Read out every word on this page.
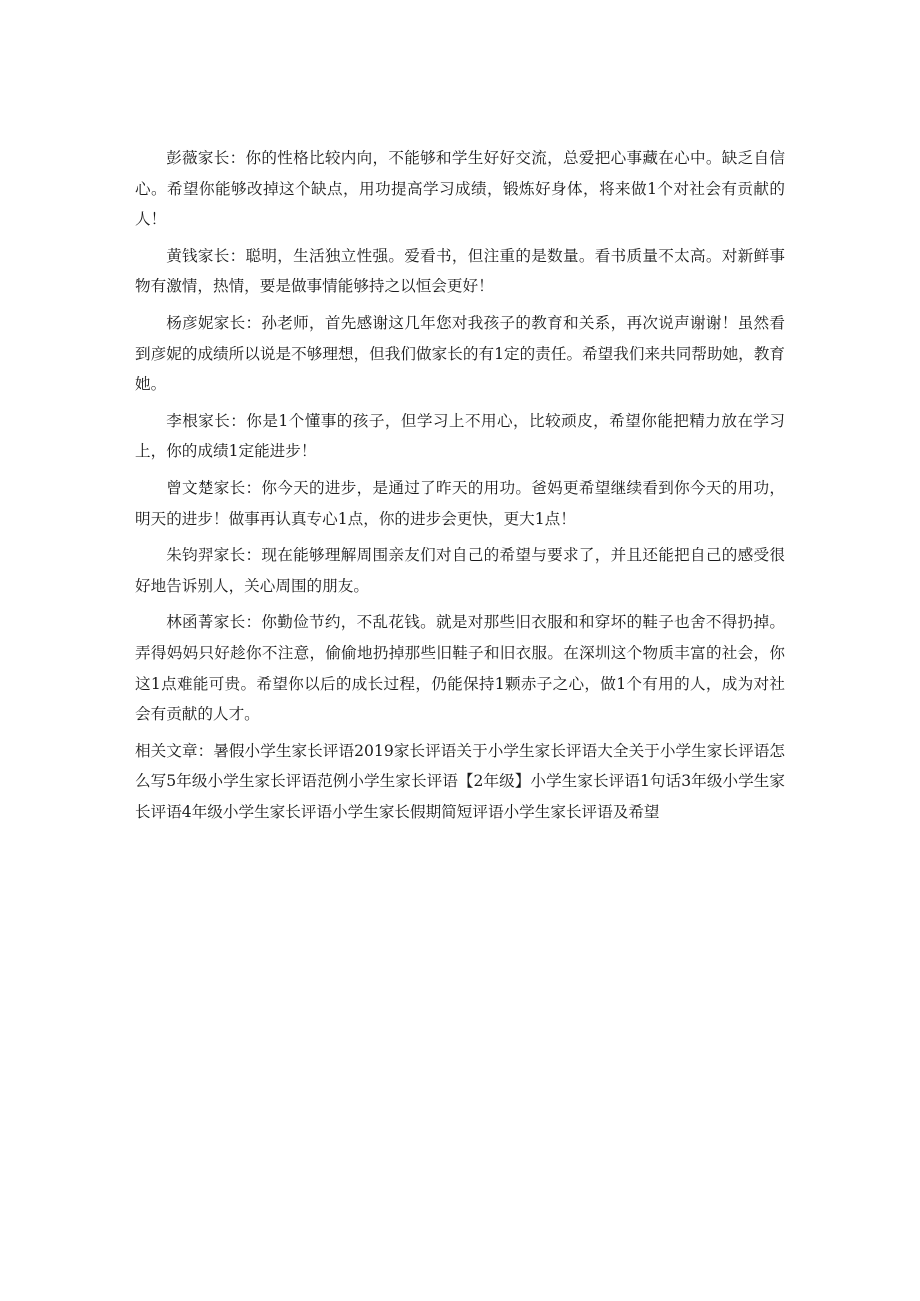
彭薇家长：你的性格比较内向，不能够和学生好好交流，总爱把心事藏在心中。缺乏自信心。希望你能够改掉这个缺点，用功提高学习成绩，锻炼好身体，将来做1个对社会有贡献的人！

黄钱家长：聪明，生活独立性强。爱看书，但注重的是数量。看书质量不太高。对新鲜事物有激情，热情，要是做事情能够持之以恒会更好！

杨彦妮家长：孙老师，首先感谢这几年您对我孩子的教育和关系，再次说声谢谢！虽然看到彦妮的成绩所以说是不够理想，但我们做家长的有1定的责任。希望我们来共同帮助她，教育她。

李根家长：你是1个懂事的孩子，但学习上不用心，比较顽皮，希望你能把精力放在学习上，你的成绩1定能进步！

曾文楚家长：你今天的进步，是通过了昨天的用功。爸妈更希望继续看到你今天的用功，明天的进步！做事再认真专心1点，你的进步会更快，更大1点！

朱钧羿家长：现在能够理解周围亲友们对自己的希望与要求了，并且还能把自己的感受很好地告诉别人，关心周围的朋友。

林函菁家长：你勤俭节约，不乱花钱。就是对那些旧衣服和和穿坏的鞋子也舍不得扔掉。弄得妈妈只好趁你不注意，偷偷地扔掉那些旧鞋子和旧衣服。在深圳这个物质丰富的社会，你这1点难能可贵。希望你以后的成长过程，仍能保持1颗赤子之心，做1个有用的人，成为对社会有贡献的人才。

相关文章：暑假小学生家长评语2019家长评语关于小学生家长评语大全关于小学生家长评语怎么写5年级小学生家长评语范例小学生家长评语【2年级】小学生家长评语1句话3年级小学生家长评语4年级小学生家长评语小学生家长假期简短评语小学生家长评语及希望
